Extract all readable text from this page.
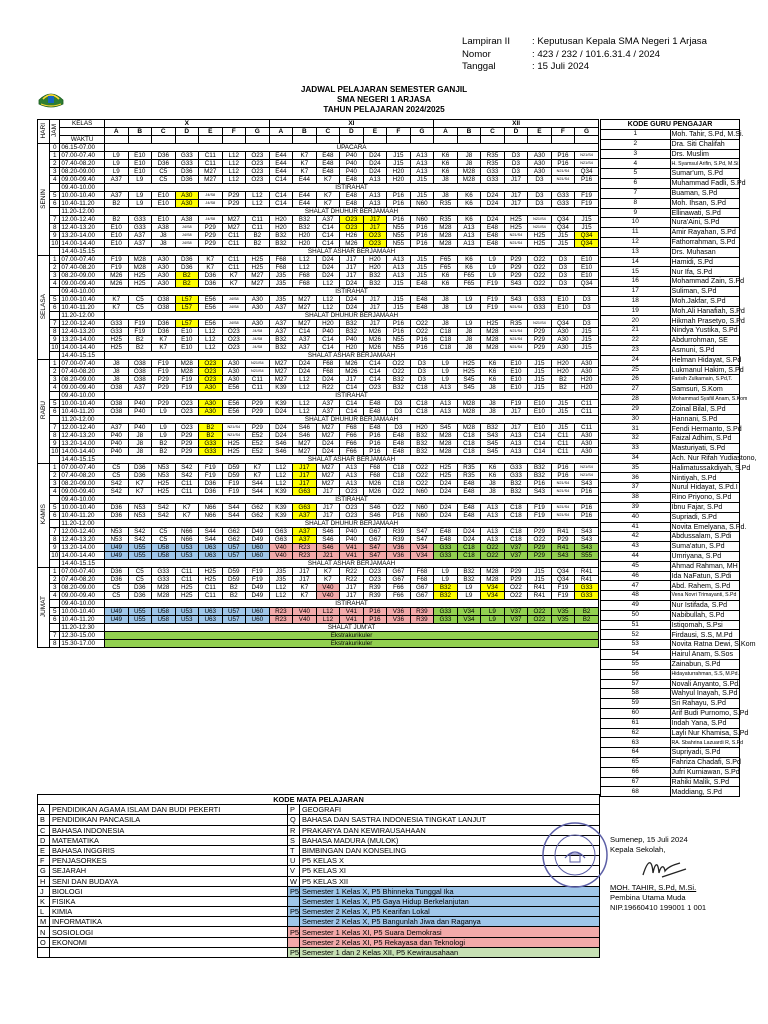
Lampiran II	: Keputusan Kepala SMA Negeri 1 Arjasa
Nomor	: 423 / 232 / 101.6.31.4 / 2024
Tanggal	: 15 Juli 2024
JADWAL PELAJARAN SEMESTER GANJIL
SMA NEGERI 1 ARJASA
TAHUN PELAJARAN 2024/2025
HARI	JAM	KELAS	X							XI							XII						
			A	B	C	D	E	F	G	A	B	C	D	E	F	G	A	B	C	D	E	F	G
		WAKTU																					
SENIN	0	06.15-07.00	UPACARA																				
	1	07.00-07.40	L9	E10	D36	G33	C11	L12	O23	E44	K7	E48	P40	D24	J15	A13	K6	J8	R35	D3	A30	P16	N21/S4
	2	07.40-08.20	L9	E10	D36	G33	C11	L12	O23	E44	K7	E48	P40	D24	J15	A13	K6	J8	R35	D3	A30	P16	N21/S4
	3	08.20-09.00	L9	E10	C5	D36	M27	L12	O23	E44	K7	E48	P40	D24	H20	A13	K6	M28	G33	D3	A30	N21/S4	Q34
	4	09.00-09.40	A37	L9	C5	D36	M27	L12	O23	C14	E44	K7	E48	A13	H20	J15	J8	M28	G33	J17	D3	N21/S4	P16
		09.40-10.00	ISTIRAHAT																				
	5	10.00-10.40	A37	L9	E10	A30	J4/S8	P29	L12	C14	E44	K7	E48	A13	P16	J15	J8	K6	D24	J17	D3	G33	F19
	6	10.40-11.20	B2	L9	E10	A30	J4/S8	P29	L12	C14	E44	K7	E48	A13	P16	N60	R35	K6	D24	J17	D3	G33	F19
		11.20-12.00	SHALAT DHUHUR BERJAMAAH																				
	7	12.00-12.40	B2	G33	E10	A38	J4/S8	M27	C11	H20	B32	A37	O23	J17	P16	N60	R35	K6	D24	H25	N21/S4	Q34	J15
	8	12.40-13.20	E10	G33	A38	J4/S8	P29	M27	C11	H20	B32	C14	O23	J17	N55	P16	M28	A13	E48	H25	N21/S4	Q34	J15
	9	13.20-14.00	E10	A37	J8	J4/S8	P29	C11	B2	B32	H20	C14	H26	O23	N55	P16	M28	A13	E48	N21/S4	H25	J15	Q34
	10	14.00-14.40	E10	A37	J8	J4/S8	P29	C11	B2	B32	H20	C14	M26	O23	N55	P16	M28	A13	E48	N21/S4	H25	J15	Q34
		14.40-15.15	SHALAT ASHAR BERJAMAAH																				
SELASA	1	07.00-07.40	F19	M28	A30	D36	K7	C11	H25	F68	L12	D24	J17	H20	A13	J15	F65	K6	L9	P29	O22	D3	E10
	2	07.40-08.20	F19	M28	A30	D36	K7	C11	H25	F68	L12	D24	J17	H20	A13	J15	F65	K6	L9	P29	O22	D3	E10
	3	08.20-09.00	M26	H25	A30	B2	D36	K7	M27	J35	F68	D24	J17	B32	A13	J15	K6	F65	L9	P29	O22	D3	E10
	4	09.00-09.40	M26	H25	A30	B2	D36	K7	M27	J35	F68	L12	D24	B32	J15	E48	K6	F65	F19	S43	O22	D3	Q34
		09.40-10.00	ISTIRAHAT																				
	5	10.00-10.40	K7	C5	O38	L57	E56	J4/S8	A30	J35	M27	L12	D24	J17	J15	E48	J8	L9	F19	S43	G33	E10	D3
	6	10.40-11.20	K7	C5	O38	L57	E56	J4/S8	A30	A37	M27	L12	D24	J17	J15	E48	J8	L9	F19	N21/S4	G33	E10	D3
		11.20-12.00	SHALAT DHUHUR BERJAMAAH																				
	7	12.00-12.40	G33	F19	D36	L57	E56	J4/S8	A30	A37	M27	H20	B32	J17	P16	O22	J8	L9	H25	R35	N21/S4	Q34	D3
	8	12.40-13.20	G33	F19	D36	E10	L12	O23	J4/S8	A37	C14	P40	B32	M26	P16	O22	C18	J8	M28	N21/S4	P29	A30	J15
	9	13.20-14.00	H25	B2	K7	E10	L12	O23	J4/S8	B32	A37	C14	P40	M26	N55	P16	C18	J8	M28	N21/S4	P29	A30	J15
	10	14.00-14.40	H25	B2	K7	E10	L12	O23	J4/S8	B32	A37	C14	H20	M26	N55	P16	C18	J8	M28	N21/S4	P29	A30	J15
		14.40-15.15	SHALAT ASHAR BERJAMAAH																				
RABU	1	07.00-07.40	J8	O38	F19	M28	O23	A30	N21/S4	M27	D24	F68	M26	C14	O22	D3	L9	H25	K6	E10	J15	H20	A30
	2	07.40-08.20	J8	O38	F19	M28	O23	A30	N21/S4	M27	D24	F68	M26	C14	O22	D3	L9	H25	K6	E10	J15	H20	A30
	3	08.20-09.00	J8	O38	P29	F19	O23	A30	C11	M27	L12	D24	J17	C14	B32	D3	L9	S45	K6	E10	J15	B2	H20
	4	09.00-09.40	O38	A37	P29	F19	A30	E56	C11	K39	L12	R22	C14	O23	B32	C18	A13	S45	J8	E10	J15	B2	H20
		09.40-10.00	ISTIRAHAT																				
	5	10.00-10.40	O38	P40	P29	O23	A30	E56	P29	K39	L12	A37	C14	E48	D3	C18	A13	M28	J8	F19	E10	J15	C11
	6	10.40-11.20	O38	P40	L9	O23	A30	E56	P29	D24	L12	A37	C14	E48	D3	C18	A13	M28	J8	J17	E10	J15	C11
		11.20-12.00	SHALAT DHUHUR BERJAMAAH																				
	7	12.00-12.40	A37	P40	L9	O23	B2	N21/S4	P29	D24	S46	M27	F68	E48	D3	H20	S45	M28	B32	J17	E10	J15	C11
	8	12.40-13.20	P40	J8	L9	P29	B2	N21/S4	E52	D24	S46	M27	F66	P16	E48	B32	M28	C18	S43	A13	C14	C11	A30
	9	13.20-14.00	P40	J8	B2	P29	G33	H25	E52	S46	M27	D24	F66	P16	E48	B32	M28	C18	S45	A13	C14	C11	A30
	10	14.00-14.40	P40	J8	B2	P29	G33	H25	E52	S46	M27	D24	F66	P16	E48	B32	M28	C18	S45	A13	C14	C11	A30
		14.40-15.15	SHALAT ASHAR BERJAMAAH																				
KAMIS	1	07.00-07.40	C5	D36	N53	S42	F19	D59	K7	L12	J17	M27	A13	F68	C18	O22	H25	R35	K6	G33	B32	P16	N21/S4
	2	07.40-08.20	C5	D36	N53	S42	F19	D59	K7	L12	J17	M27	A13	F68	C18	O22	H25	R35	K6	G33	B32	P16	N21/S4
	3	08.20-09.00	S42	K7	H25	C11	D36	F19	S44	L12	J17	M27	A13	M26	C18	O22	D24	E48	J8	B32	P16	N21/S4	S43
	4	09.00-09.40	S42	K7	H25	C11	D36	F19	S44	K39	G63	J17	O23	M26	O22	N60	D24	E48	J8	B32	S43	N21/S4	P16
		09.40-10.00	ISTIRAHAT																				
	5	10.00-10.40	D36	N53	S42	K7	N66	S44	G62	K39	G63	J17	O23	S46	O22	N60	D24	E48	A13	C18	F19	N21/S4	P16
	6	10.40-11.20	D36	N53	S42	K7	N66	S44	G62	K39	A37	J17	O23	S46	P16	N60	D24	E48	A13	C18	F19	N21/S4	P16
		11.20-12.00	SHALAT DHUHUR BERJAMAAH																				
	7	12.00-12.40	N53	S42	C5	N66	S44	G62	D49	G63	A37	S46	P40	G67	R39	S47	E48	D24	A13	C18	P29	R41	S43
	8	12.40-13.20	N53	S42	C5	N66	S44	G62	D49	G63	A37	S46	P40	G67	R39	S47	E48	D24	A13	C18	O22	P29	S43
	9	13.20-14.00	U49	U55	U58	U53	U63	U57	U60	V40	R23	S46	V41	S47	V36	V34	G33	C18	O22	V37	P29	R41	S43
	10	14.00-14.40	U49	U55	U58	U53	U63	U57	U60	V40	R23	J21	V41	S47	V36	V34	G33	C18	O22	V37	P29	S43	S55
		14.40-15.15	SHALAT ASHAR BERJAMAAH																				
JUMAT	1	07.00-07.40	D36	C5	G33	C11	H25	D59	F19	J35	J17	K7	R22	O23	G67	F68	L9	B32	M28	P29	J15	Q34	R41
	2	07.40-08.20	D36	C5	G33	C11	H25	D59	F19	J35	J17	K7	R22	O23	G67	F68	L9	B32	M28	P29	J15	Q34	R41
	3	08.20-09.00	C5	D36	M28	H25	C11	B2	D49	L12	K7	V40	J17	R39	F66	G67	B32	L9	V34	O22	R41	F19	G33
	4	09.00-09.40	C5	D36	M28	H25	C11	B2	D49	L12	K7	V40	J17	R39	F66	G67	B32	L9	V34	O22	R41	F19	G33
		09.40-10.00	ISTIRAHAT																				
	5	10.00-10.40	U49	U55	U58	U53	U63	U57	U60	R23	V40	L12	V41	P16	V36	R39	G33	V34	L9	V37	O22	V35	B2
	6	10.40-11.20	U49	U55	U58	U53	U63	U57	U60	R23	V40	L12	V41	P16	V36	R39	G33	V34	L9	V37	O22	V35	B2
		11.20-12.30	SHALAT JUM'AT																				
	7	12.30-15.00	Ekstrakurikuler																				
	8	15.30-17.00	Ekstrakurikuler																				
KODE GURU PENGAJAR	
1	Moh. Tahir, S.Pd, M.Si.
2	Dra. Siti Chalifah
3	Drs. Muslim
4	H. Syamsul Arifin, S.Pd, M.Si.
5	Sumar'um, S.Pd
6	Muhammad Fadli, S.Pd
7	Buaman, S.Pd
8	Moh. Ihsan, S.Pd
9	Ellinawati, S.Pd
10	Nura'Aini, S.Pd
11	Amir Rayahan, S.Pd
12	Fathorrahman, S.Pd
13	Drs. Muhasan
14	Hamidi, S.Pd
15	Nur Ifa, S.Pd
16	Mohammad Zain, S.Pd
17	Suliman, S.Pd
18	Moh.Jakfar, S.Pd
19	Moh.Ali Hanafiah, S.Pd
20	Hikmah Prasetyo, S.Pd
21	Nindya Yustika, S.Pd
22	Abdurrohman, SE
23	Asmuni, S.Pd
24	Helman Hidayat, S.Pd
25	Lukmanul Hakim, S.Pd
26	Farisih Zulkarnain, S.Pd,T.
27	Samsuri, S.Kom
28	Mohammad Syafiil Anam, S.Kom
29	Zoinal Bilal, S.Pd
30	Hannani, S.Pd
31	Fendi Hermanto, S.Pd
32	Faizal Adhim, S.Pd
33	Masturiyati, S.Pd
34	Ach. Nur Rifah Yudiastono,
35	Halimatussakdiyah, S.Pd
36	Nintiyah, S.Pd
37	Nurul Hidayat, S.Pd.I
38	Rino Priyono, S.Pd
39	Ibnu Fajar, S.Pd
40	Supriadi, S.Pd
41	Novita Emelyana, S.Pd.
42	Abdussalam, S.Pdi
43	Suma'atun, S.Pd
44	Umriyana, S.Pd
45	Ahmad Rahman, MH
46	Ida NaFatun, S.Pdi
47	Abd. Rahem, S.Pd
48	Vena Novri Trimayanti, S.Pd
49	Nur Istifada, S.Pd
50	Nabibullah, S.Pd
51	Istiqomah, S.Psi
52	Firdausi, S.S, M.Pd
53	Novita Ratna Dewi, S.Kom
54	Hairul Anam, S.Sos
55	Zainabun, S.Pd
56	Hidayaturrahman, S.S, M.Pd.
57	Novali Anyanto, S.Pd.
58	Wahyul Inayah, S.Pd
59	Sri Rahayu, S.Pd
60	Arif Budi Purnomo, S.Pd
61	Indah Yana, S.Pd
62	Layli Nur Khamisa, S.Pd
63	RA. Sbahrina Lazuardi R, S.Pd
64	Supriyadi, S.Pd
65	Fahriza Chadafi, S.Pd
66	Jufri Kurniawan, S.Pd
67	Rahiki Malik, S.Pd
68	Maddiang, S.Pd
KODE MATA PELAJARAN			
A	PENDIDIKAN AGAMA ISLAM DAN BUDI PEKERTI	P	GEOGRAFI
B	PENDIDIKAN PANCASILA	Q	BAHASA DAN SASTRA INDONESIA TINGKAT LANJUT
C	BAHASA INDONESIA	R	PRAKARYA DAN KEWIRAUSAHAAN
D	MATEMATIKA	S	BAHASA MADURA (MULOK)
E	BAHASA INGGRIS	T	BIMBINGAN DAN KONSELING
F	PENJASORKES	U	P5 KELAS X
G	SEJARAH	V	P5 KELAS XI
H	SENI DAN BUDAYA	W	P5 KELAS XII
J	BIOLOGI	P5	Semester 1 Kelas X, P5 Bhinneka Tunggal Ika
K	FISIKA		Semester 1 Kelas X, P5 Gaya Hidup Berkelanjutan
L	KIMIA	P5	Semester 2 Kelas X, P5 Kearifan Lokal
M	INFORMATIKA		Semester 2 Kelas X, P5 Bangunlah Jiwa dan Raganya
N	SOSIOLOGI	P5	Semester 1 Kelas XI, P5 Suara Demokrasi
O	EKONOMI		Semester 2 Kelas XI, P5 Rekayasa dan Teknologi
		P5	Semester 1 dan 2 Kelas XII, P5 Kewirausahaan
Sumenep, 15 Juli 2024
Kepala Sekolah,
MOH. TAHIR, S.Pd, M.Si.
Pembina Utama Muda
NIP.19660410 199001 1 001
